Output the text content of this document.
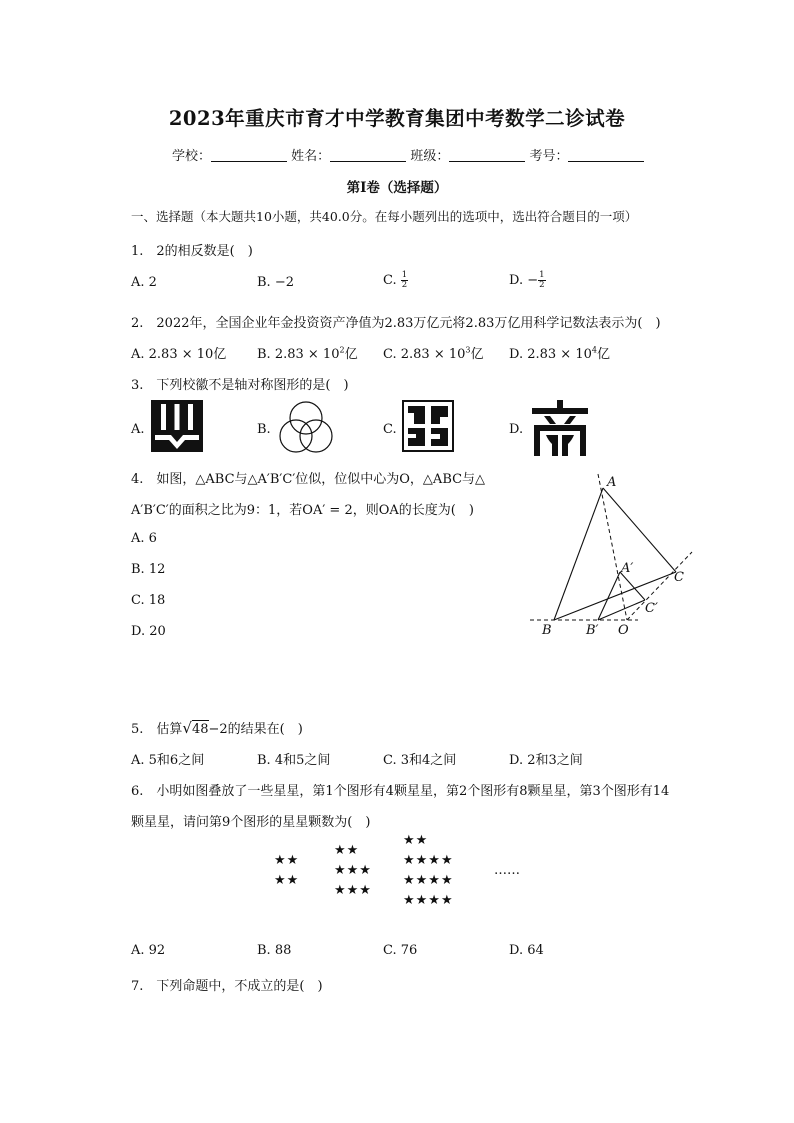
2023年重庆市育才中学教育集团中考数学二诊试卷
学校：	姓名：	班级：	考号：
第I卷（选择题）
一、选择题（本大题共10小题，共40.0分。在每小题列出的选项中，选出符合题目的一项）
1.　2的相反数是(　)
A. 2	B. −2	C. $\frac{1}{2}$	D. − $\frac{1}{2}$
2.　2022年，全国企业年金投资资产净值为2.83万亿元将2.83万亿用科学记数法表示为(　)
A. 2.83 × 10亿 B. $2.83 \times 10^2$亿 C. $2.83 \times 10^3$亿 D. $2.83 \times 10^4$亿
3.　下列校徽不是轴对称图形的是(　)
A.	B.	C.	D.
4.　如图，△ABC与△A′B′C′位似，位似中心为O，△ABC与△
A′B′C′的面积之比为9：1，若OA′ = 2，则OA的长度为(　)
A. 6
B. 12
C. 18
D. 20
A
A′
B	B′
C
C′
O
5.　估算√48−2的结果在(　)
A. 5和6之间	B. 4和5之间	C. 3和4之间	D. 2和3之间
6.　小明如图叠放了一些星星，第1个图形有4颗星星，第2个图形有8颗星星，第3个图形有14
颗星星，请问第9个图形的星星颗数为(　)
★★
★★
★★
★★★
★★★
★★
★★★★
★★★★
★★★★
……
A. 92	B. 88	C. 76	D. 64
7.　下列命题中，不成立的是(　)
